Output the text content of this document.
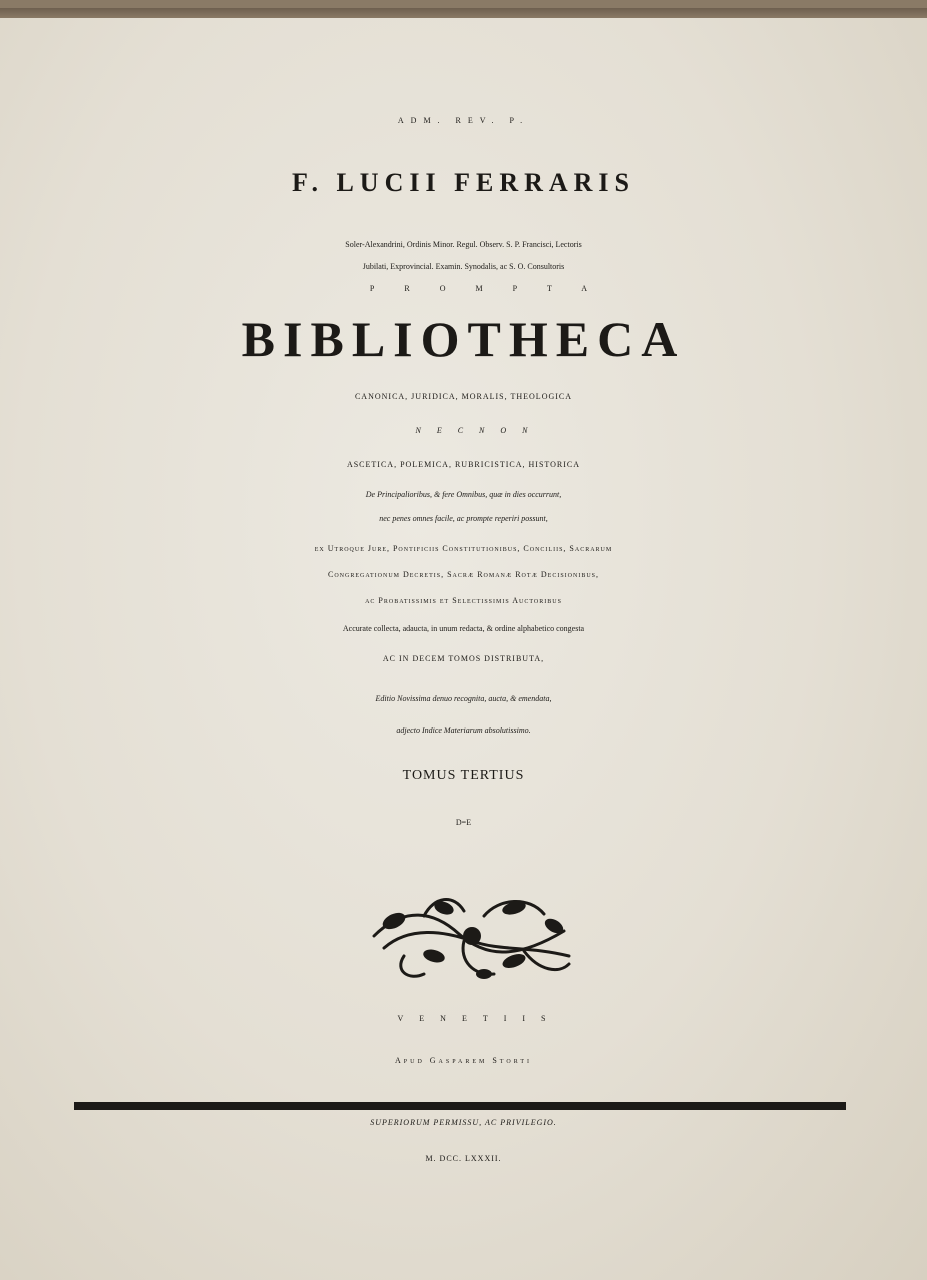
ADM. REV. P.
F. LUCII FERRARIS
Soler-Alexandrini, Ordinis Minor. Regul. Observ. S. P. Francisci, Lectoris
Jubilati, Exprovincial. Examin. Synodalis, ac S. O. Consultoris
PROMPTA
BIBLIOTHECA
CANONICA, JURIDICA, MORALIS, THEOLOGICA
NECNON
ASCETICA, POLEMICA, RUBRICISTICA, HISTORICA
De Principalioribus, & fere Omnibus, quæ in dies occurrunt,
nec penes omnes facile, ac prompte reperiri possunt,
ex Utroque Jure, Pontificiis Constitutionibus, Conciliis, Sacrarum
Congregationum Decretis, Sacræ Romanæ Rotæ Decisionibus,
ac Probatissimis et Selectissimis Auctoribus
Accurate collecta, adaucta, in unum redacta, & ordine alphabetico congesta
AC IN DECEM TOMOS DISTRIBUTA,
Editio Novissima denuo recognita, aucta, & emendata,
adjecto Indice Materiarum absolutissimo.
TOMUS TERTIUS
D=E
VENETIIS
Apud Gasparem Storti
SUPERIORUM PERMISSU, AC PRIVILEGIO.
M. DCC. LXXXII.
